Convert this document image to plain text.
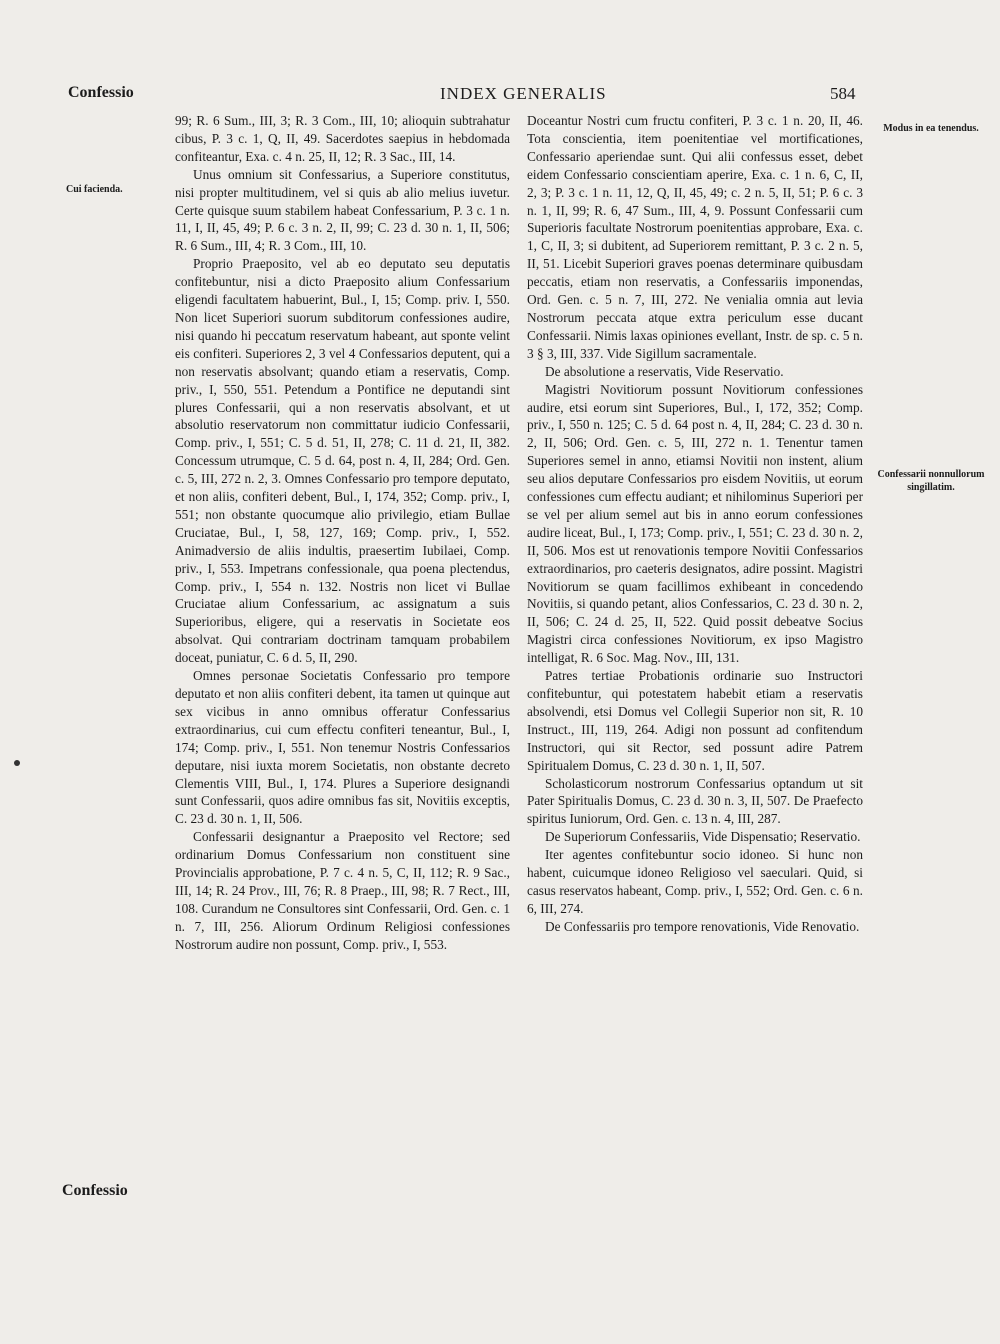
Confessio	INDEX GENERALIS	584
Cui facienda.
Modus in ea tenendus.
Confessarii nonnullorum singillatim.

99; R. 6 Sum., III, 3; R. 3 Com., III, 10; alioquin subtrahatur cibus, P. 3 c. 1, Q, II, 49. Sacerdotes saepius in hebdomada confiteantur, Exa. c. 4 n. 25, II, 12; R. 3 Sac., III, 14.

Unus omnium sit Confessarius, a Superiore constitutus, nisi propter multitudinem, vel si quis ab alio melius iuvetur. Certe quisque suum stabilem habeat Confessarium, P. 3 c. 1 n. 11, I, II, 45, 49; P. 6 c. 3 n. 2, II, 99; C. 23 d. 30 n. 1, II, 506; R. 6 Sum., III, 4; R. 3 Com., III, 10.

Proprio Praeposito, vel ab eo deputato seu deputatis confitebuntur, nisi a dicto Praeposito alium Confessarium eligendi facultatem habuerint, Bul., I, 15; Comp. priv. I, 550. Non licet Superiori suorum subditorum confessiones audire, nisi quando hi peccatum reservatum habeant, aut sponte velint eis confiteri. Superiores 2, 3 vel 4 Confessarios deputent, qui a non reservatis absolvant; quando etiam a reservatis, Comp. priv., I, 550, 551. Petendum a Pontifice ne deputandi sint plures Confessarii, qui a non reservatis absolvant, et ut absolutio reservatorum non committatur iudicio Confessarii, Comp. priv., I, 551; C. 5 d. 51, II, 278; C. 11 d. 21, II, 382. Concessum utrumque, C. 5 d. 64, post n. 4, II, 284; Ord. Gen. c. 5, III, 272 n. 2, 3. Omnes Confessario pro tempore deputato, et non aliis, confiteri debent, Bul., I, 174, 352; Comp. priv., I, 551; non obstante quocumque alio privilegio, etiam Bullae Cruciatae, Bul., I, 58, 127, 169; Comp. priv., I, 552. Animadversio de aliis indultis, praesertim Iubilaei, Comp. priv., I, 553. Impetrans confessionale, qua poena plectendus, Comp. priv., I, 554 n. 132. Nostris non licet vi Bullae Cruciatae alium Confessarium, ac assignatum a suis Superioribus, eligere, qui a reservatis in Societate eos absolvat. Qui contrariam doctrinam tamquam probabilem doceat, puniatur, C. 6 d. 5, II, 290.

Omnes personae Societatis Confessario pro tempore deputato et non aliis confiteri debent, ita tamen ut quinque aut sex vicibus in anno omnibus offeratur Confessarius extraordinarius, cui cum effectu confiteri teneantur, Bul., I, 174; Comp. priv., I, 551. Non tenemur Nostris Confessarios deputare, nisi iuxta morem Societatis, non obstante decreto Clementis VIII, Bul., I, 174. Plures a Superiore designandi sunt Confessarii, quos adire omnibus fas sit, Novitiis exceptis, C. 23 d. 30 n. 1, II, 506.

Confessarii designantur a Praeposito vel Rectore; sed ordinarium Domus Confessarium non constituent sine Provincialis approbatione, P. 7 c. 4 n. 5, C, II, 112; R. 9 Sac., III, 14; R. 24 Prov., III, 76; R. 8 Praep., III, 98; R. 7 Rect., III, 108. Curandum ne Consultores sint Confessarii, Ord. Gen. c. 1 n. 7, III, 256. Aliorum Ordinum Religiosi confessiones Nostrorum audire non possunt, Comp. priv., I, 553.

Doceantur Nostri cum fructu confiteri, P. 3 c. 1 n. 20, II, 46. Tota conscientia, item poenitentiae vel mortificationes, Confessario aperiendae sunt. Qui alii confessus esset, debet eidem Confessario conscientiam aperire, Exa. c. 1 n. 6, C, II, 2, 3; P. 3 c. 1 n. 11, 12, Q, II, 45, 49; c. 2 n. 5, II, 51; P. 6 c. 3 n. 1, II, 99; R. 6, 47 Sum., III, 4, 9. Possunt Confessarii cum Superioris facultate Nostrorum poenitentias approbare, Exa. c. 1, C, II, 3; si dubitent, ad Superiorem remittant, P. 3 c. 2 n. 5, II, 51. Licebit Superiori graves poenas determinare quibusdam peccatis, etiam non reservatis, a Confessariis imponendas, Ord. Gen. c. 5 n. 7, III, 272. Ne venialia omnia aut levia Nostrorum peccata atque extra periculum esse ducant Confessarii. Nimis laxas opiniones evellant, Instr. de sp. c. 5 n. 3 § 3, III, 337. Vide Sigillum sacramentale.

De absolutione a reservatis, Vide Reservatio.

Magistri Novitiorum possunt Novitiorum confessiones audire, etsi eorum sint Superiores, Bul., I, 172, 352; Comp. priv., I, 550 n. 125; C. 5 d. 64 post n. 4, II, 284; C. 23 d. 30 n. 2, II, 506; Ord. Gen. c. 5, III, 272 n. 1. Tenentur tamen Superiores semel in anno, etiamsi Novitii non instent, alium seu alios deputare Confessarios pro eisdem Novitiis, ut eorum confessiones cum effectu audiant; et nihilominus Superiori per se vel per alium semel aut bis in anno eorum confessiones audire liceat, Bul., I, 173; Comp. priv., I, 551; C. 23 d. 30 n. 2, II, 506. Mos est ut renovationis tempore Novitii Confessarios extraordinarios, pro caeteris designatos, adire possint. Magistri Novitiorum se quam facillimos exhibeant in concedendo Novitiis, si quando petant, alios Confessarios, C. 23 d. 30 n. 2, II, 506; C. 24 d. 25, II, 522. Quid possit debeatve Socius Magistri circa confessiones Novitiorum, ex ipso Magistro intelligat, R. 6 Soc. Mag. Nov., III, 131.

Patres tertiae Probationis ordinarie suo Instructori confitebuntur, qui potestatem habebit etiam a reservatis absolvendi, etsi Domus vel Collegii Superior non sit, R. 10 Instruct., III, 119, 264. Adigi non possunt ad confitendum Instructori, qui sit Rector, sed possunt adire Patrem Spiritualem Domus, C. 23 d. 30 n. 1, II, 507.

Scholasticorum nostrorum Confessarius optandum ut sit Pater Spiritualis Domus, C. 23 d. 30 n. 3, II, 507. De Praefecto spiritus Iuniorum, Ord. Gen. c. 13 n. 4, III, 287.

De Superiorum Confessariis, Vide Dispensatio; Reservatio.

Iter agentes confitebuntur socio idoneo. Si hunc non habent, cuicumque idoneo Religioso vel saeculari. Quid, si casus reservatos habeant, Comp. priv., I, 552; Ord. Gen. c. 6 n. 6, III, 274.

De Confessariis pro tempore renovationis, Vide Renovatio.

Confessio
